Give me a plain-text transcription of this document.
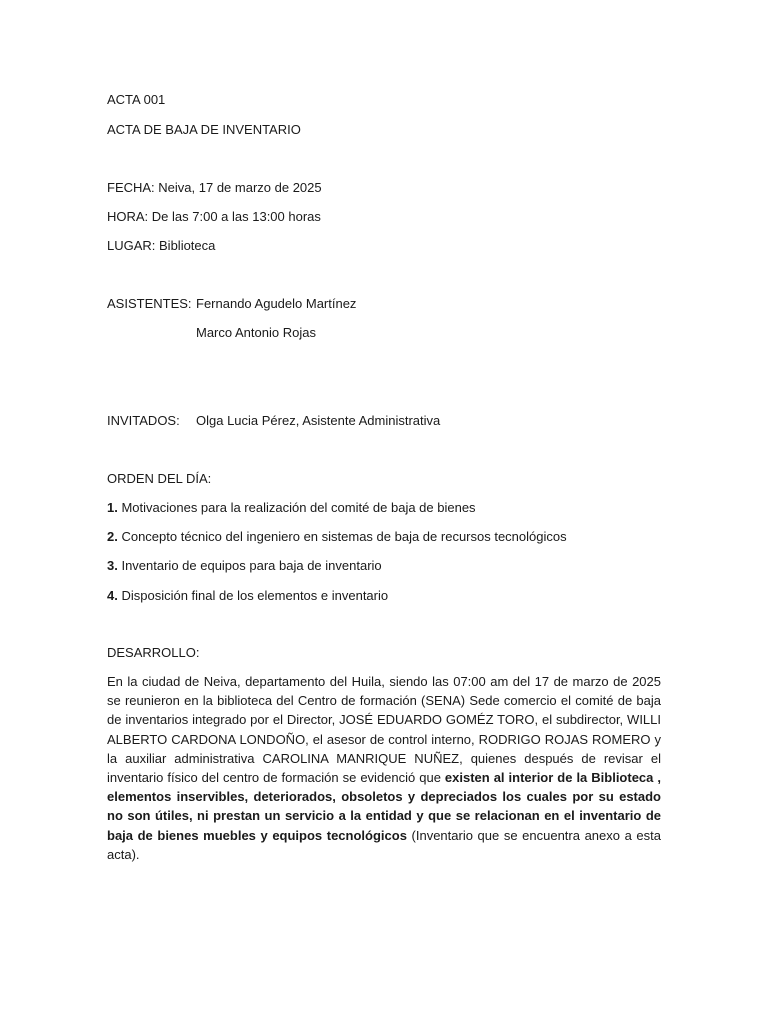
ACTA 001
ACTA DE BAJA DE INVENTARIO
FECHA: Neiva, 17 de marzo de 2025
HORA: De las 7:00 a las 13:00 horas
LUGAR: Biblioteca
ASISTENTES: Fernando Agudelo Martínez
Marco Antonio Rojas
INVITADOS: Olga Lucia Pérez, Asistente Administrativa
ORDEN DEL DÍA:
1. Motivaciones para la realización del comité de baja de bienes
2. Concepto técnico del ingeniero en sistemas de baja de recursos tecnológicos
3. Inventario de equipos para baja de inventario
4. Disposición final de los elementos e inventario
DESARROLLO:
En la ciudad de Neiva, departamento del Huila, siendo las 07:00 am del 17 de marzo de 2025 se reunieron en la biblioteca del Centro de formación (SENA) Sede comercio el comité de baja de inventarios integrado por el Director, JOSÉ EDUARDO GOMÉZ TORO, el subdirector, WILLI ALBERTO CARDONA LONDOÑO, el asesor de control interno, RODRIGO ROJAS ROMERO y la auxiliar administrativa CAROLINA MANRIQUE NUÑEZ, quienes después de revisar el inventario físico del centro de formación se evidenció que existen al interior de la Biblioteca , elementos inservibles, deteriorados, obsoletos y depreciados los cuales por su estado no son útiles, ni prestan un servicio a la entidad y que se relacionan en el inventario de baja de bienes muebles y equipos tecnológicos (Inventario que se encuentra anexo a esta acta).
